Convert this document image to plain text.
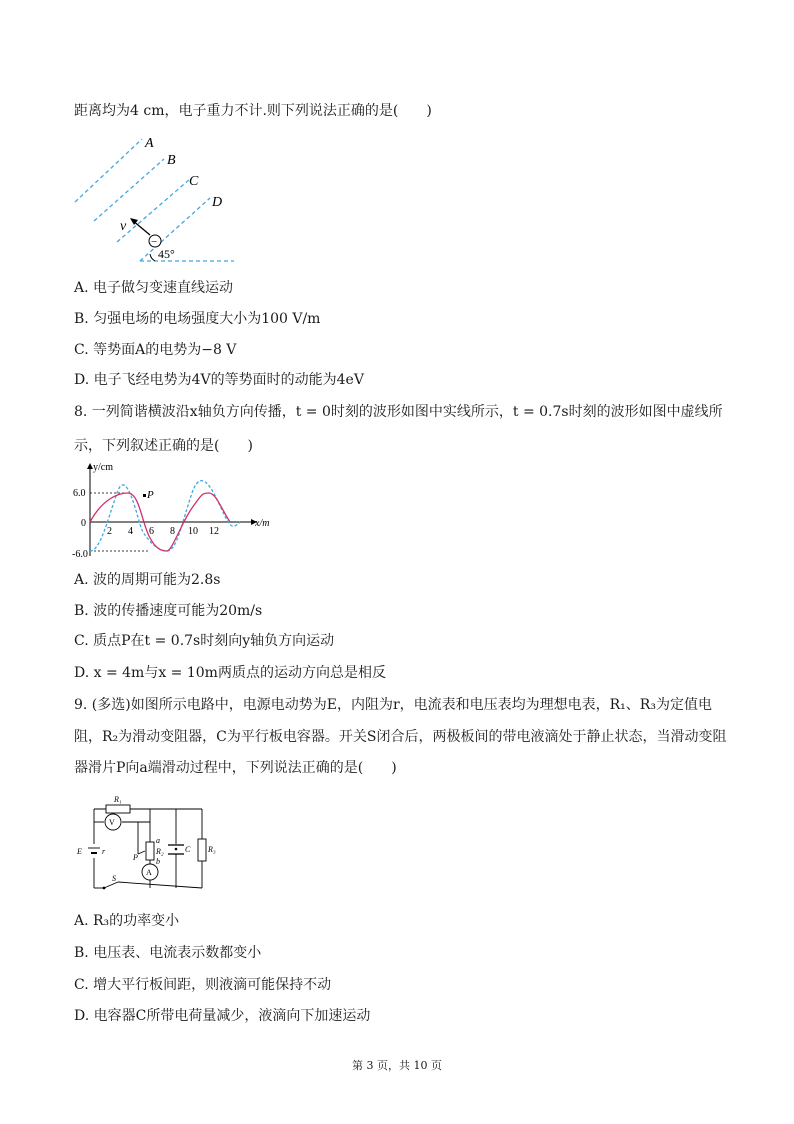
距离均为4 cm，电子重力不计.则下列说法正确的是(　　)
A
B
C
D
v
−
45°
A. 电子做匀变速直线运动
B. 匀强电场的电场强度大小为100 V/m
C. 等势面A的电势为−8 V
D. 电子飞经电势为4V的等势面时的动能为4eV
8. 一列简谐横波沿x轴负方向传播，t = 0时刻的波形如图中实线所示，t = 0.7s时刻的波形如图中虚线所
示，下列叙述正确的是(　　)
y/cm
x/m
6.0
0
-6.0
P
2 4 6 8 10 12
A. 波的周期可能为2.8s
B. 波的传播速度可能为20m/s
C. 质点P在t = 0.7s时刻向y轴负方向运动
D. x = 4m与x = 10m两质点的运动方向总是相反
9. (多选)如图所示电路中，电源电动势为E，内阻为r，电流表和电压表均为理想电表，R₁、R₃为定值电
阻，R₂为滑动变阻器，C为平行板电容器。开关S闭合后，两极板间的带电液滴处于静止状态，当滑动变阻
器滑片P向a端滑动过程中，下列说法正确的是(　　)
R₁
V
A
R₂	R₃
E	r
P
a
b
C
S
A. R₃的功率变小
B. 电压表、电流表示数都变小
C. 增大平行板间距，则液滴可能保持不动
D. 电容器C所带电荷量减少，液滴向下加速运动
第 3 页，共 10 页
